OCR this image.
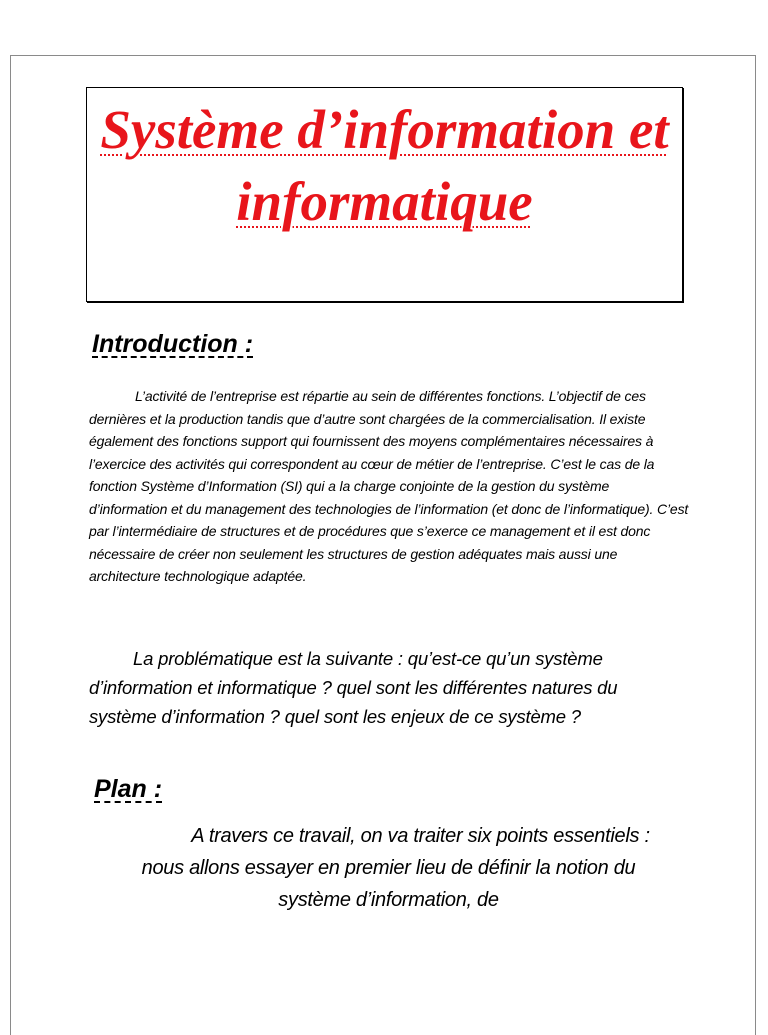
Système d’information et informatique
Introduction :

L’activité de l’entreprise est répartie au sein de différentes fonctions. L’objectif de ces dernières et la production tandis que d’autre sont chargées de la commercialisation. Il existe également des fonctions support qui fournissent des moyens complémentaires nécessaires à l’exercice des activités qui correspondent au cœur de métier de l’entreprise. C’est le cas de la fonction Système d’Information (SI) qui a la charge conjointe de la gestion du système d’information et du management des technologies de l’information (et donc de l’informatique). C’est par l’intermédiaire de structures et de procédures que s’exerce ce management et il est donc nécessaire de créer non seulement les structures de gestion adéquates mais aussi une architecture technologique adaptée.

La problématique est la suivante : qu’est-ce qu’un système d’information et informatique ? quel sont les différentes natures du système d’information ? quel sont les enjeux de ce système ?

Plan :

A travers ce travail, on va traiter six points essentiels : nous allons essayer en premier lieu de définir la notion du système d’information, de
